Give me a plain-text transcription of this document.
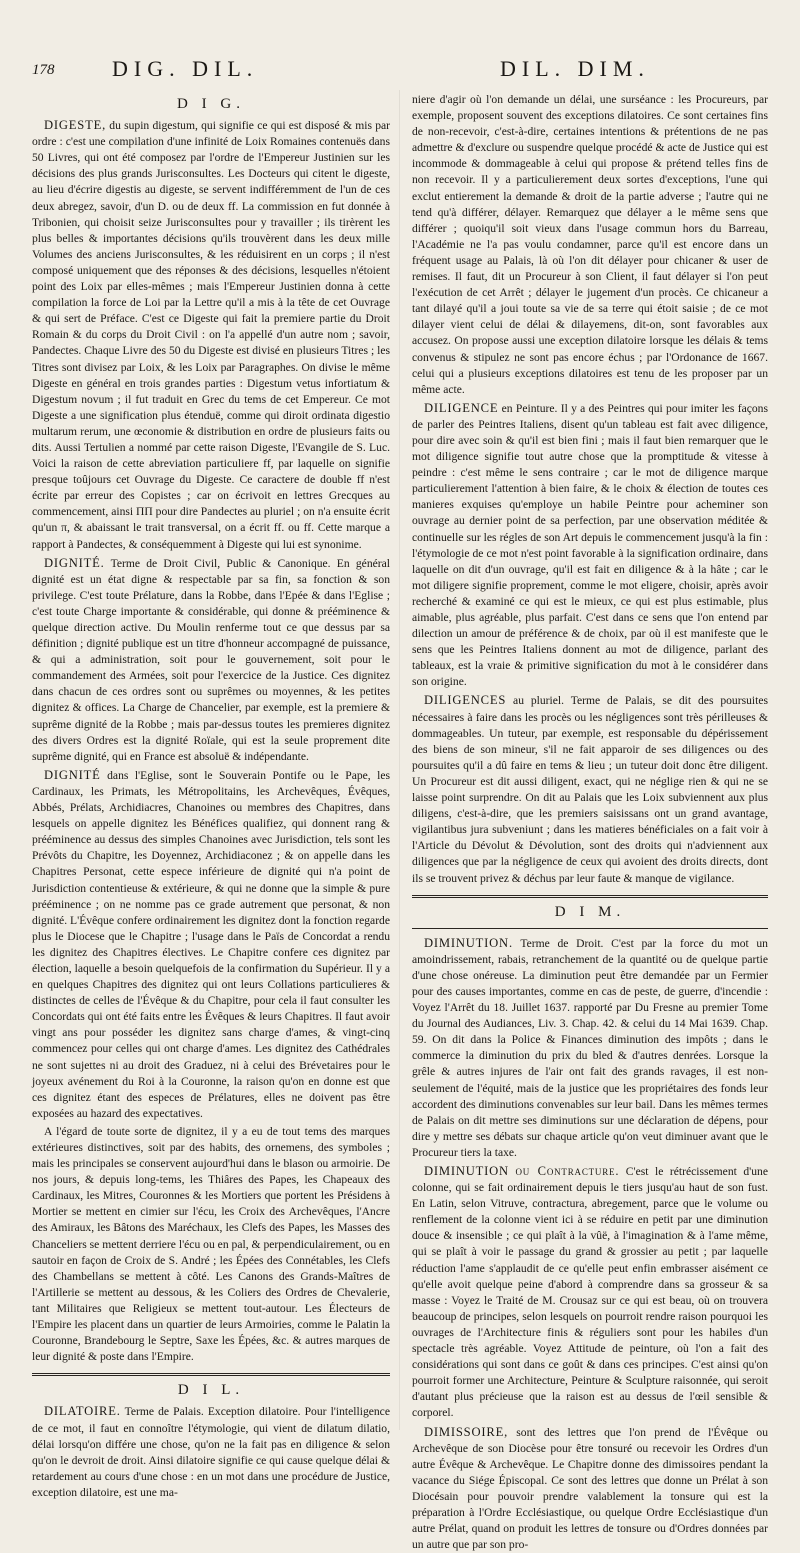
178	DIG. DIL.	DIL. DIM.
D I G.

DIGESTE, du supin digestum, qui signifie ce qui est disposé & mis par ordre : c'est une compilation d'une infinité de Loix Romaines contenuës dans 50 Livres, qui ont été composez par l'ordre de l'Empereur Justinien sur les décisions des plus grands Jurisconsultes. Les Docteurs qui citent le digeste, au lieu d'écrire digestis au digeste, se servent indifféremment de l'un de ces deux abregez, savoir, d'un D. ou de deux ff. La commission en fut donnée à Tribonien, qui choisit seize Jurisconsultes pour y travailler ; ils tirèrent les plus belles & importantes décisions qu'ils trouvèrent dans les deux mille Volumes des anciens Jurisconsultes, & les réduisirent en un corps ; il n'est composé uniquement que des réponses & des décisions, lesquelles n'étoient point des Loix par elles-mêmes ; mais l'Empereur Justinien donna à cette compilation la force de Loi par la Lettre qu'il a mis à la tête de cet Ouvrage & qui sert de Préface. C'est ce Digeste qui fait la premiere partie du Droit Romain & du corps du Droit Civil : on l'a appellé d'un autre nom ; savoir, Pandectes. Chaque Livre des 50 du Digeste est divisé en plusieurs Titres ; les Titres sont divisez par Loix, & les Loix par Paragraphes. On divise le même Digeste en général en trois grandes parties : Digestum vetus infortiatum & Digestum novum ; il fut traduit en Grec du tems de cet Empereur. Ce mot Digeste a une signification plus étenduë, comme qui diroit ordinata digestio multarum rerum, une œconomie & distribution en ordre de plusieurs faits ou dits. Aussi Tertulien a nommé par cette raison Digeste, l'Evangile de S. Luc. Voici la raison de cette abreviation particuliere ff, par laquelle on signifie presque toûjours cet Ouvrage du Digeste. Ce caractere de double ff n'est écrite par erreur des Copistes ; car on écrivoit en lettres Grecques au commencement, ainsi ΠΠ pour dire Pandectes au pluriel ; on n'a ensuite écrit qu'un π, & abaissant le trait transversal, on a écrit ff. ou ff. Cette marque a rapport à Pandectes, & conséquemment à Digeste qui lui est synonime.

DIGNITÉ. Terme de Droit Civil, Public & Canonique. En général dignité est un état digne & respectable par sa fin, sa fonction & son privilege. C'est toute Prélature, dans la Robbe, dans l'Epée & dans l'Eglise ; c'est toute Charge importante & considérable, qui donne & prééminence & quelque direction active. Du Moulin renferme tout ce que dessus par sa définition ; dignité publique est un titre d'honneur accompagné de puissance, & qui a administration, soit pour le gouvernement, soit pour le commandement des Armées, soit pour l'exercice de la Justice. Ces dignitez dans chacun de ces ordres sont ou suprêmes ou moyennes, & les petites dignitez & offices. La Charge de Chancelier, par exemple, est la premiere & suprême dignité de la Robbe ; mais par-dessus toutes les premieres dignitez des divers Ordres est la dignité Roïale, qui est la seule proprement dite suprême dignité, qui en France est absoluë & indépendante.

DIGNITÉ dans l'Eglise, sont le Souverain Pontife ou le Pape, les Cardinaux, les Primats, les Métropolitains, les Archevêques, Évêques, Abbés, Prélats, Archidiacres, Chanoines ou membres des Chapitres, dans lesquels on appelle dignitez les Bénéfices qualifiez, qui donnent rang & prééminence au dessus des simples Chanoines avec Jurisdiction, tels sont les Prévôts du Chapitre, les Doyennez, Archidiaconez ; & on appelle dans les Chapitres Personat, cette espece inférieure de dignité qui n'a point de Jurisdiction contentieuse & extérieure, & qui ne donne que la simple & pure prééminence ; on ne nomme pas ce grade autrement que personat, & non dignité. L'Évêque confere ordinairement les dignitez dont la fonction regarde plus le Diocese que le Chapitre ; l'usage dans le Païs de Concordat a rendu les dignitez des Chapitres électives. Le Chapitre confere ces dignitez par élection, laquelle a besoin quelquefois de la confirmation du Supérieur. Il y a en quelques Chapitres des dignitez qui ont leurs Collations particulieres & distinctes de celles de l'Évêque & du Chapitre, pour cela il faut consulter les Concordats qui ont été faits entre les Évêques & leurs Chapitres. Il faut avoir vingt ans pour posséder les dignitez sans charge d'ames, & vingt-cinq commencez pour celles qui ont charge d'ames. Les dignitez des Cathédrales ne sont sujettes ni au droit des Graduez, ni à celui des Brévetaires pour le joyeux avénement du Roi à la Couronne, la raison qu'on en donne est que ces dignitez étant des especes de Prélatures, elles ne doivent pas être exposées au hazard des expectatives.

A l'égard de toute sorte de dignitez, il y a eu de tout tems des marques extérieures distinctives, soit par des habits, des ornemens, des symboles ; mais les principales se conservent aujourd'hui dans le blason ou armoirie. De nos jours, & depuis long-tems, les Thiâres des Papes, les Chapeaux des Cardinaux, les Mitres, Couronnes & les Mortiers que portent les Présidens à Mortier se mettent en cimier sur l'écu, les Croix des Archevêques, l'Ancre des Amiraux, les Bâtons des Maréchaux, les Clefs des Papes, les Masses des Chanceliers se mettent derriere l'écu ou en pal, & perpendiculairement, ou en sautoir en façon de Croix de S. André ; les Épées des Connétables, les Clefs des Chambellans se mettent à côté. Les Canons des Grands-Maîtres de l'Artillerie se mettent au dessous, & les Coliers des Ordres de Chevalerie, tant Militaires que Religieux se mettent tout-autour. Les Électeurs de l'Empire les placent dans un quartier de leurs Armoiries, comme le Palatin la Couronne, Brandebourg le Septre, Saxe les Épées, &c. & autres marques de leur dignité & poste dans l'Empire.

D I L.

DILATOIRE. Terme de Palais. Exception dilatoire. Pour l'intelligence de ce mot, il faut en connoître l'étymologie, qui vient de dilatum dilatio, délai lorsqu'on différe une chose, qu'on ne la fait pas en diligence & selon qu'on le devroit de droit. Ainsi dilatoire signifie ce qui cause quelque délai & retardement au cours d'une chose : en un mot dans une procédure de Justice, exception dilatoire, est une ma-

niere d'agir où l'on demande un délai, une surséance : les Procureurs, par exemple, proposent souvent des exceptions dilatoires. Ce sont certaines fins de non-recevoir, c'est-à-dire, certaines intentions & prétentions de ne pas admettre & d'exclure ou suspendre quelque procédé & acte de Justice qui est incommode & dommageable à celui qui propose & prétend telles fins de non recevoir. Il y a particulierement deux sortes d'exceptions, l'une qui exclut entierement la demande & droit de la partie adverse ; l'autre qui ne tend qu'à différer, délayer. Remarquez que délayer a le même sens que différer ; quoiqu'il soit vieux dans l'usage commun hors du Barreau, l'Académie ne l'a pas voulu condamner, parce qu'il est encore dans un fréquent usage au Palais, là où l'on dit délayer pour chicaner & user de remises. Il faut, dit un Procureur à son Client, il faut délayer si l'on peut l'exécution de cet Arrêt ; délayer le jugement d'un procès. Ce chicaneur a tant dilayé qu'il a joui toute sa vie de sa terre qui étoit saisie ; de ce mot dilayer vient celui de délai & dilayemens, dit-on, sont favorables aux accusez. On propose aussi une exception dilatoire lorsque les délais & tems convenus & stipulez ne sont pas encore échus ; par l'Ordonance de 1667. celui qui a plusieurs exceptions dilatoires est tenu de les proposer par un même acte.

DILIGENCE en Peinture. Il y a des Peintres qui pour imiter les façons de parler des Peintres Italiens, disent qu'un tableau est fait avec diligence, pour dire avec soin & qu'il est bien fini ; mais il faut bien remarquer que le mot diligence signifie tout autre chose que la promptitude & vitesse à peindre : c'est même le sens contraire ; car le mot de diligence marque particulierement l'attention à bien faire, & le choix & élection de toutes ces manieres exquises qu'employe un habile Peintre pour acheminer son ouvrage au dernier point de sa perfection, par une observation méditée & continuelle sur les régles de son Art depuis le commencement jusqu'à la fin : l'étymologie de ce mot n'est point favorable à la signification ordinaire, dans laquelle on dit d'un ouvrage, qu'il est fait en diligence & à la hâte ; car le mot diligere signifie proprement, comme le mot eligere, choisir, après avoir recherché & examiné ce qui est le mieux, ce qui est plus estimable, plus aimable, plus agréable, plus parfait. C'est dans ce sens que l'on entend par dilection un amour de préférence & de choix, par où il est manifeste que le sens que les Peintres Italiens donnent au mot de diligence, parlant des tableaux, est la vraie & primitive signification du mot à le considérer dans son origine.

DILIGENCES au pluriel. Terme de Palais, se dit des poursuites nécessaires à faire dans les procès ou les négligences sont très périlleuses & dommageables. Un tuteur, par exemple, est responsable du dépérissement des biens de son mineur, s'il ne fait apparoir de ses diligences ou des poursuites qu'il a dû faire en tems & lieu ; un tuteur doit donc être diligent. Un Procureur est dit aussi diligent, exact, qui ne néglige rien & qui ne se laisse point surprendre. On dit au Palais que les Loix subviennent aux plus diligens, c'est-à-dire, que les premiers saisissans ont un grand avantage, vigilantibus jura subveniunt ; dans les matieres bénéficiales on a fait voir à l'Article du Dévolut & Dévolution, sont des droits qui n'adviennent aux diligences que par la négligence de ceux qui avoient des droits directs, dont ils se trouvent privez & déchus par leur faute & manque de vigilance.

D I M.

DIMINUTION. Terme de Droit. C'est par la force du mot un amoindrissement, rabais, retranchement de la quantité ou de quelque partie d'une chose onéreuse. La diminution peut être demandée par un Fermier pour des causes importantes, comme en cas de peste, de guerre, d'incendie : Voyez l'Arrêt du 18. Juillet 1637. rapporté par Du Fresne au premier Tome du Journal des Audiances, Liv. 3. Chap. 42. & celui du 14 Mai 1639. Chap. 59. On dit dans la Police & Finances diminution des impôts ; dans le commerce la diminution du prix du bled & d'autres denrées. Lorsque la grêle & autres injures de l'air ont fait des grands ravages, il est non-seulement de l'équité, mais de la justice que les propriétaires des fonds leur accordent des diminutions convenables sur leur bail. Dans les mêmes termes de Palais on dit mettre ses diminutions sur une déclaration de dépens, pour dire y mettre ses débats sur chaque article qu'on veut diminuer avant que le Procureur tiers la taxe.

DIMINUTION ou Contracture. C'est le rétrécissement d'une colonne, qui se fait ordinairement depuis le tiers jusqu'au haut de son fust. En Latin, selon Vitruve, contractura, abregement, parce que le volume ou renflement de la colonne vient ici à se réduire en petit par une diminution douce & insensible ; ce qui plaît à la vûë, à l'imagination & à l'ame même, qui se plaît à voir le passage du grand & grossier au petit ; par laquelle réduction l'ame s'applaudit de ce qu'elle peut enfin embrasser aisément ce qu'elle avoit quelque peine d'abord à comprendre dans sa grosseur & sa masse : Voyez le Traité de M. Crousaz sur ce qui est beau, où on trouvera beaucoup de principes, selon lesquels on pourroit rendre raison pourquoi les ouvrages de l'Architecture finis & réguliers sont pour les habiles d'un spectacle très agréable. Voyez Attitude de peinture, où l'on a fait des considérations qui sont dans ce goût & dans ces principes. C'est ainsi qu'on pourroit former une Architecture, Peinture & Sculpture raisonnée, qui seroit d'autant plus précieuse que la raison est au dessus de l'œil sensible & corporel.

DIMISSOIRE, sont des lettres que l'on prend de l'Évêque ou Archevêque de son Diocèse pour être tonsuré ou recevoir les Ordres d'un autre Évêque & Archevêque. Le Chapitre donne des dimissoires pendant la vacance du Siége Épiscopal. Ce sont des lettres que donne un Prélat à son Diocésain pour pouvoir prendre valablement la tonsure qui est la préparation à l'Ordre Ecclésiastique, ou quelque Ordre Ecclésiastique d'un autre Prélat, quand on produit les lettres de tonsure ou d'Ordres données par un autre que par son pro-
